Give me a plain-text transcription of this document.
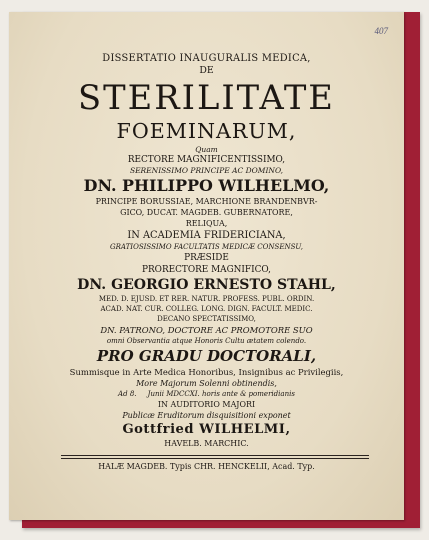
407
DISSERTATIO INAUGURALIS MEDICA,
DE
STERILITATE
FOEMINARUM,
Quam
RECTORE MAGNIFICENTISSIMO,
SERENISSIMO PRINCIPE AC DOMINO,
DN. PHILIPPO WILHELMO,
PRINCIPE BORUSSIAE, MARCHIONE BRANDENBVR-
GICO, DUCAT. MAGDEB. GUBERNATORE,
RELIQUA,
IN ACADEMIA FRIDERICIANA,
GRATIOSISSIMO FACULTATIS MEDICÆ CONSENSU,
PRÆSIDE
PRORECTORE MAGNIFICO,
DN. GEORGIO ERNESTO STAHL,
MED. D. EJUSD. ET RER. NATUR. PROFESS. PUBL. ORDIN.
ACAD. NAT. CUR. COLLEG. LONG. DIGN. FACULT. MEDIC.
DECANO SPECTATISSIMO,
DN. PATRONO, DOCTORE AC PROMOTORE SUO
omni Observantia atque Honoris Cultu ætatem colendo.
PRO GRADU DOCTORALI,
Summisque in Arte Medica Honoribus, Insignibus ac Privilegiis,
More Majorum Solenni obtinendis,
Ad 8.     Junii MDCCXI. horis ante & pomeridianis
IN AUDITORIO MAJORI
Publicæ Eruditorum disquisitioni exponet
Gottfried WILHELMI,
HAVELB. MARCHIC.
HALÆ MAGDEB. Typis CHR. HENCKELII, Acad. Typ.
